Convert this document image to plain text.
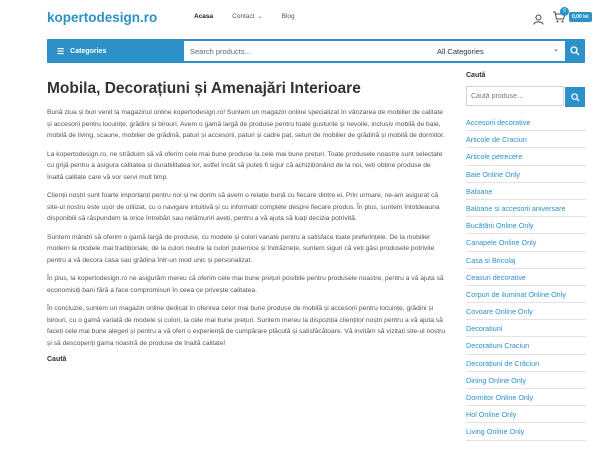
kopertodesign.ro	Acasa	Contact ⌄	Blog
0
0,00 lei
☰ Categories
Search products...	All Categories	⌄
Mobila, Decorațiuni și Amenajări Interioare

Bună ziua și bun venit la magazinul online kopertodesign.ro! Suntem un magazin online specializat în vânzarea de mobilier de calitate și accesorii pentru locuințe, grădini și birouri. Avem o gamă largă de produse pentru toate gusturile și nevoile, inclusiv mobilă de baie, mobilă de living, scaune, mobilier de grădină, paturi și accesorii, paturi și cadre pat, seturi de mobilier de grădină și mobilă de dormitor.

La kopertodesign.ro, ne străduim să vă oferim cele mai bune produse la cele mai bune prețuri. Toate produsele noastre sunt selectate cu grijă pentru a asigura calitatea și durabilitatea lor, astfel încât să puteți fi sigur că achiziționând de la noi, veți obține produse de înaltă calitate care vă vor servi mult timp.

Clienții noștri sunt foarte importanți pentru noi și ne dorim să avem o relație bună cu fiecare dintre ei. Prin urmare, ne-am asigurat că site-ul nostru este ușor de utilizat, cu o navigare intuitivă și cu informații complete despre fiecare produs. În plus, suntem întotdeauna disponibili să răspundem la orice întrebări sau nelămuriri aveți, pentru a vă ajuta să luați decizia potrivită.

Suntem mândri să oferim o gamă largă de produse, cu modele și culori variate pentru a satisface toate preferințele. De la mobilier modern la modele mai tradiționale, de la culori neutre la culori puternice și îndrăznețe, suntem siguri că veți găsi produsele potrivite pentru a vă decora casa sau grădina într-un mod unic și personalizat.

În plus, la kopertodesign.ro ne asigurăm mereu că oferim cele mai bune prețuri posibile pentru produsele noastre, pentru a vă ajuta să economisiți bani fără a face compromisuri în ceea ce privește calitatea.

În concluzie, suntem un magazin online dedicat în oferirea celor mai bune produse de mobilă și accesorii pentru locuințe, grădini și birouri, cu o gamă variată de modele și culori, la cele mai bune prețuri. Suntem mereu la dispoziția clienților noștri pentru a vă ajuta să faceți cele mai bune alegeri și pentru a vă oferi o experiență de cumpărare plăcută și satisfăcătoare. Vă invităm să vizitați site-ul nostru și să descoperiți gama noastră de produse de înaltă calitate!

Caută
Caută
Caută produse…
Accesorii decorative
Articole de Craciun
Articole petrecere
Baie Online Only
Baloane
Baloane si accesorii aniversare
Bucătării Online Only
Canapele Online Only
Casa si Bricolaj
Ceasuri decorative
Corpuri de iluminat Online Only
Covoare Online Only
Decoratiuni
Decoratiuni Craciun
Decorațiuni de Crăciun
Dining Online Only
Dormitor Online Only
Hol Online Only
Living Online Only
